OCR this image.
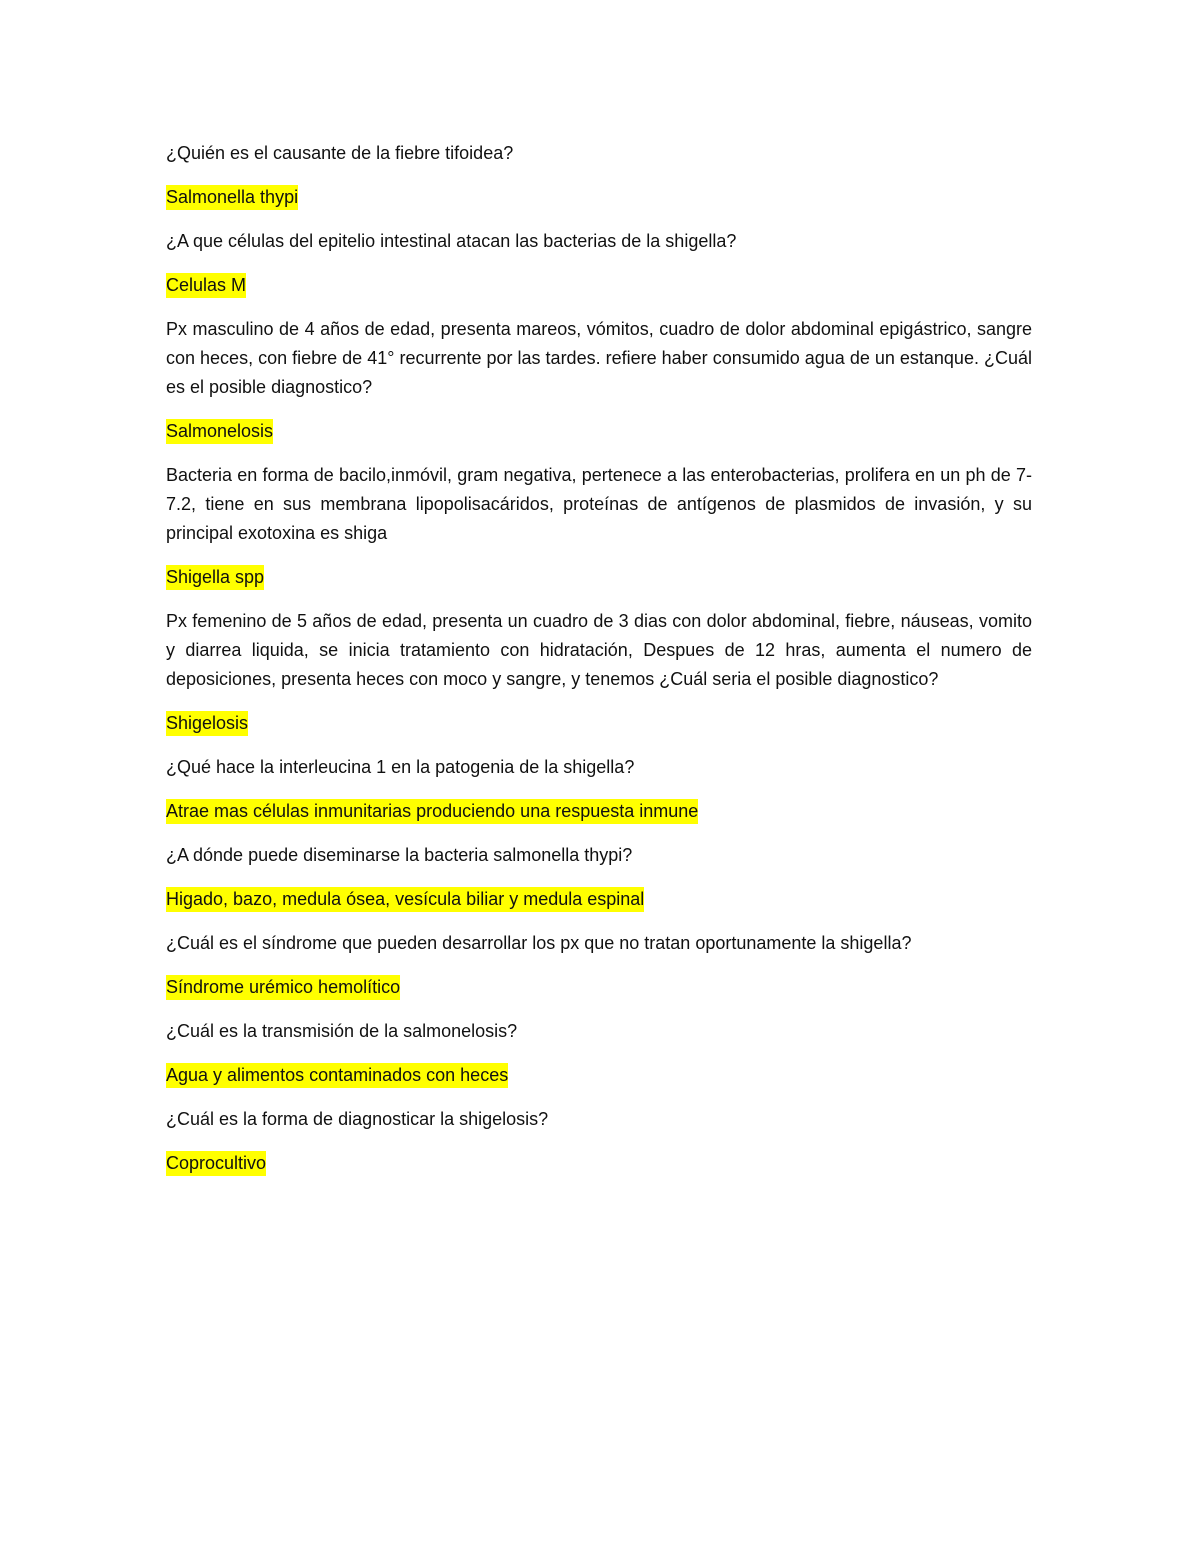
¿Quién es el causante de la fiebre tifoidea?

Salmonella thypi

¿A que células del epitelio intestinal atacan las bacterias de la shigella?

Celulas M

Px masculino de 4 años de edad, presenta mareos, vómitos, cuadro de dolor abdominal epigástrico, sangre con heces, con fiebre de 41° recurrente por las tardes. refiere haber consumido agua de un estanque. ¿Cuál es el posible diagnostico?

Salmonelosis

Bacteria en forma de bacilo,inmóvil, gram negativa, pertenece a las enterobacterias, prolifera en un ph de 7-7.2, tiene en sus membrana lipopolisacáridos, proteínas de antígenos de plasmidos de invasión, y su principal exotoxina es shiga

Shigella spp

Px femenino de 5 años de edad, presenta un cuadro de 3 dias con dolor abdominal, fiebre, náuseas, vomito y diarrea liquida, se inicia tratamiento con hidratación, Despues de 12 hras, aumenta el numero de deposiciones, presenta heces con moco y sangre, y tenemos ¿Cuál seria el posible diagnostico?

Shigelosis

¿Qué hace la interleucina 1 en la patogenia de la shigella?

Atrae mas células inmunitarias produciendo una respuesta inmune

¿A dónde puede diseminarse la bacteria salmonella thypi?

Higado, bazo, medula ósea, vesícula biliar y medula espinal

¿Cuál es el síndrome que pueden desarrollar los px que no tratan oportunamente la shigella?

Síndrome urémico hemolítico

¿Cuál es la transmisión de la salmonelosis?

Agua y alimentos contaminados con heces

¿Cuál es la forma de diagnosticar la shigelosis?

Coprocultivo
